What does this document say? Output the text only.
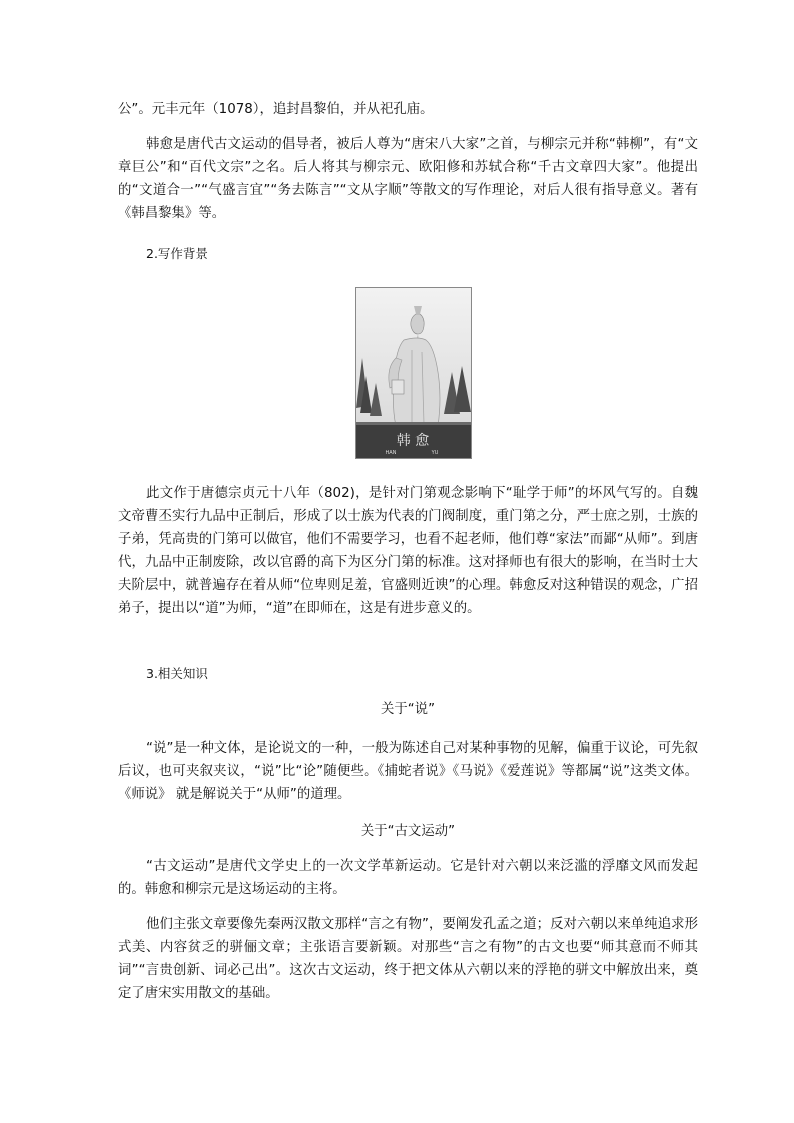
公”。元丰元年（1078），追封昌黎伯，并从祀孔庙。
韩愈是唐代古文运动的倡导者，被后人尊为“唐宋八大家”之首，与柳宗元并称“韩柳”，有“文章巨公”和“百代文宗”之名。后人将其与柳宗元、欧阳修和苏轼合称“千古文章四大家”。他提出的“文道合一”“气盛言宜”“务去陈言”“文从字顺”等散文的写作理论，对后人很有指导意义。著有《韩昌黎集》等。
2.写作背景
韩 愈
HAN	YU
此文作于唐德宗贞元十八年（802)，是针对门第观念影响下“耻学于师”的坏风气写的。自魏文帝曹丕实行九品中正制后，形成了以士族为代表的门阀制度，重门第之分，严士庶之别，士族的子弟，凭高贵的门第可以做官，他们不需要学习，也看不起老师，他们尊“家法”而鄙“从师”。到唐代，九品中正制废除，改以官爵的高下为区分门第的标准。这对择师也有很大的影响，在当时士大夫阶层中，就普遍存在着从师“位卑则足羞，官盛则近谀”的心理。韩愈反对这种错误的观念，广招弟子，提出以“道”为师，“道”在即师在，这是有进步意义的。
3.相关知识
关于“说”
“说”是一种文体，是论说文的一种，一般为陈述自己对某种事物的见解，偏重于议论，可先叙后议，也可夹叙夹议，“说”比“论”随便些。《捕蛇者说》《马说》《爱莲说》等都属“说”这类文体。《师说》 就是解说关于“从师”的道理。
关于“古文运动”
“古文运动”是唐代文学史上的一次文学革新运动。它是针对六朝以来泛滥的浮靡文风而发起的。韩愈和柳宗元是这场运动的主将。
他们主张文章要像先秦两汉散文那样“言之有物”，要阐发孔孟之道；反对六朝以来单纯追求形式美、内容贫乏的骈俪文章；主张语言要新颖。对那些“言之有物”的古文也要“师其意而不师其词”“言贵创新、词必己出”。这次古文运动，终于把文体从六朝以来的浮艳的骈文中解放出来，奠定了唐宋实用散文的基础。
